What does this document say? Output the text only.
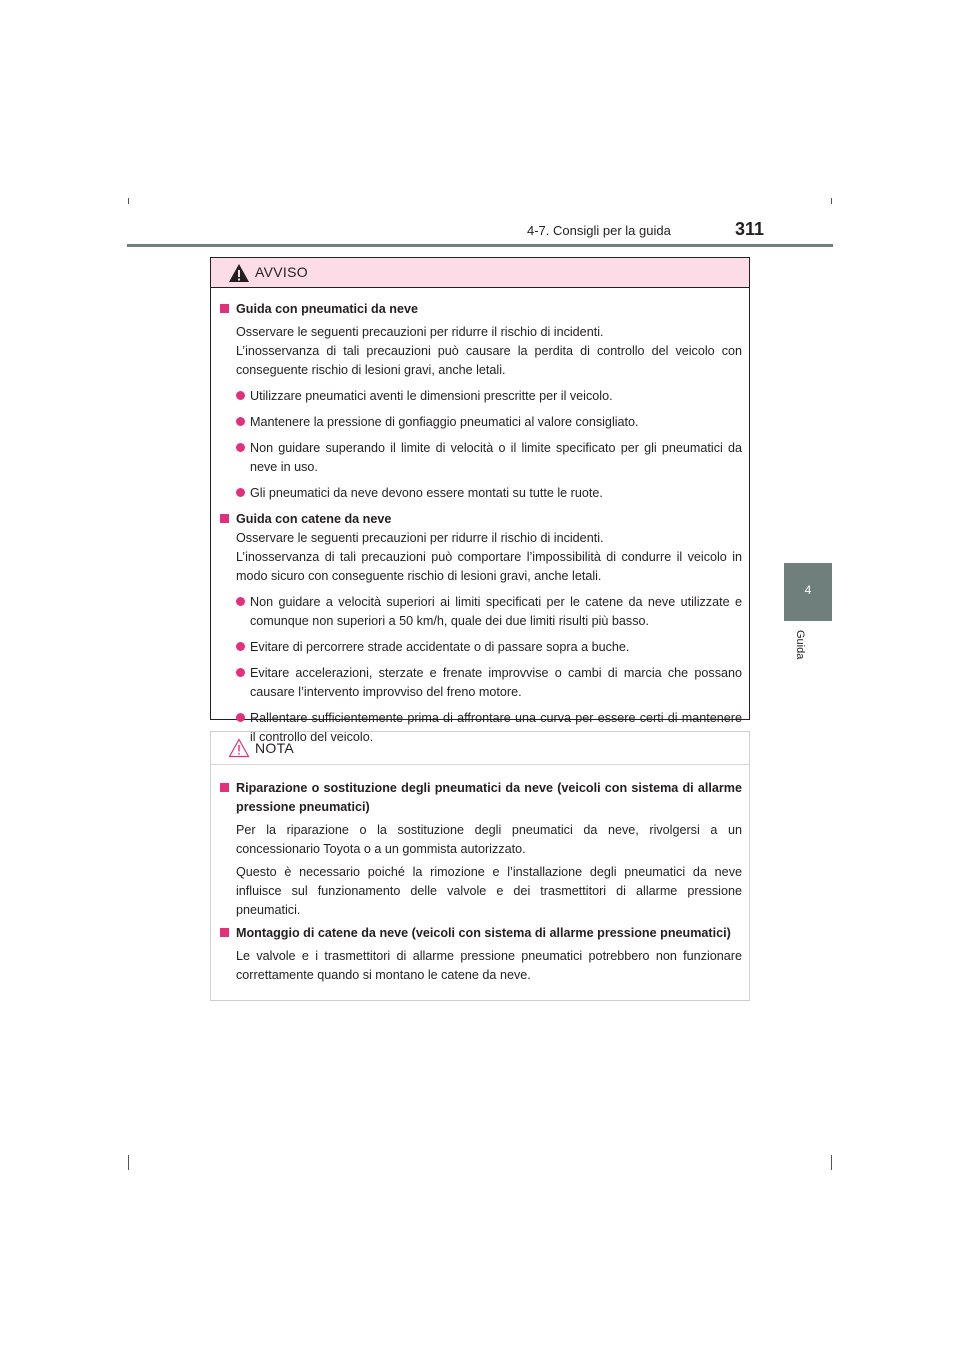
4-7. Consigli per la guida	311
4
Guida
AVVISO
Guida con pneumatici da neve
Osservare le seguenti precauzioni per ridurre il rischio di incidenti.
L’inosservanza di tali precauzioni può causare la perdita di controllo del veicolo con conseguente rischio di lesioni gravi, anche letali.
Utilizzare pneumatici aventi le dimensioni prescritte per il veicolo.
Mantenere la pressione di gonfiaggio pneumatici al valore consigliato.
Non guidare superando il limite di velocità o il limite specificato per gli pneumatici da neve in uso.
Gli pneumatici da neve devono essere montati su tutte le ruote.
Guida con catene da neve
Osservare le seguenti precauzioni per ridurre il rischio di incidenti.
L’inosservanza di tali precauzioni può comportare l’impossibilità di condurre il veicolo in modo sicuro con conseguente rischio di lesioni gravi, anche letali.
Non guidare a velocità superiori ai limiti specificati per le catene da neve utilizzate e comunque non superiori a 50 km/h, quale dei due limiti risulti più basso.
Evitare di percorrere strade accidentate o di passare sopra a buche.
Evitare accelerazioni, sterzate e frenate improvvise o cambi di marcia che possano causare l’intervento improvviso del freno motore.
Rallentare sufficientemente prima di affrontare una curva per essere certi di mantenere il controllo del veicolo.
NOTA
Riparazione o sostituzione degli pneumatici da neve (veicoli con sistema di allarme pressione pneumatici)
Per la riparazione o la sostituzione degli pneumatici da neve, rivolgersi a un concessionario Toyota o a un gommista autorizzato.
Questo è necessario poiché la rimozione e l’installazione degli pneumatici da neve influisce sul funzionamento delle valvole e dei trasmettitori di allarme pressione pneumatici.
Montaggio di catene da neve (veicoli con sistema di allarme pressione pneumatici)
Le valvole e i trasmettitori di allarme pressione pneumatici potrebbero non funzionare correttamente quando si montano le catene da neve.
